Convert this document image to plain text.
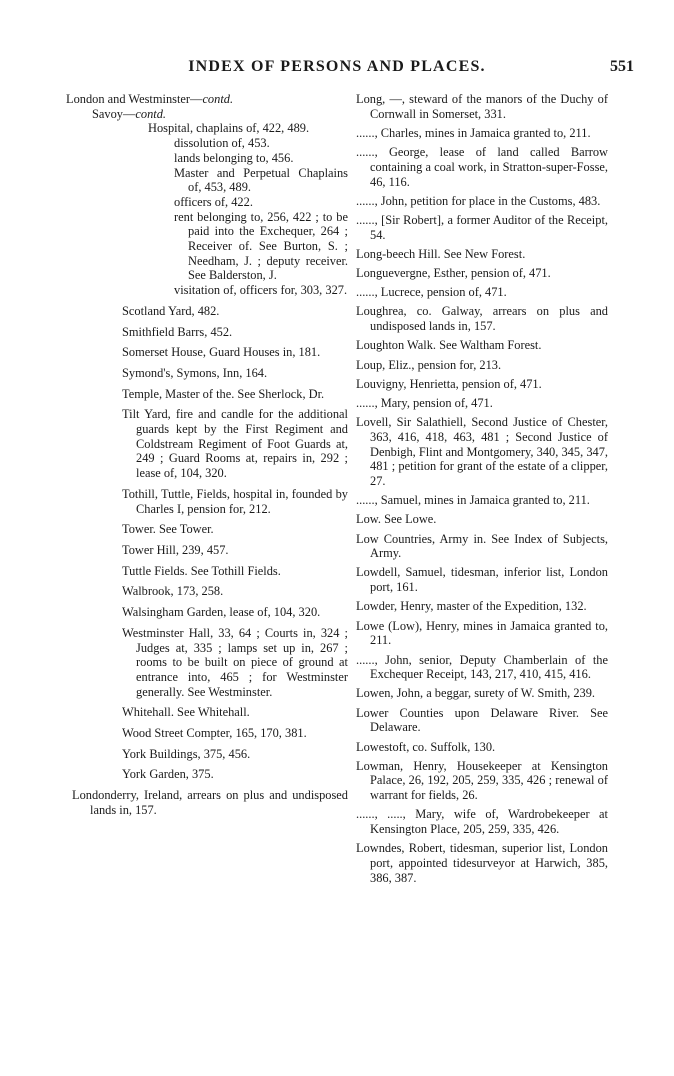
INDEX OF PERSONS AND PLACES.	551
London and Westminster—contd.
Savoy—contd.
Hospital, chaplains of, 422, 489.
dissolution of, 453.
lands belonging to, 456.
Master and Perpetual Chaplains of, 453, 489.
officers of, 422.
rent belonging to, 256, 422 ; to be paid into the Exchequer, 264 ; Receiver of. See Burton, S. ; Needham, J. ; deputy receiver. See Balderston, J.
visitation of, officers for, 303, 327.
Scotland Yard, 482.
Smithfield Barrs, 452.
Somerset House, Guard Houses in, 181.
Symond's, Symons, Inn, 164.
Temple, Master of the. See Sherlock, Dr.
Tilt Yard, fire and candle for the additional guards kept by the First Regiment and Coldstream Regiment of Foot Guards at, 249 ; Guard Rooms at, repairs in, 292 ; lease of, 104, 320.
Tothill, Tuttle, Fields, hospital in, founded by Charles I, pension for, 212.
Tower. See Tower.
Tower Hill, 239, 457.
Tuttle Fields. See Tothill Fields.
Walbrook, 173, 258.
Walsingham Garden, lease of, 104, 320.
Westminster Hall, 33, 64 ; Courts in, 324 ; Judges at, 335 ; lamps set up in, 267 ; rooms to be built on piece of ground at entrance into, 465 ; for Westminster generally. See Westminster.
Whitehall. See Whitehall.
Wood Street Compter, 165, 170, 381.
York Buildings, 375, 456.
York Garden, 375.
Londonderry, Ireland, arrears on plus and undisposed lands in, 157.
Long, —, steward of the manors of the Duchy of Cornwall in Somerset, 331.
......, Charles, mines in Jamaica granted to, 211.
......, George, lease of land called Barrow containing a coal work, in Stratton-super-Fosse, 46, 116.
......, John, petition for place in the Customs, 483.
......, [Sir Robert], a former Auditor of the Receipt, 54.
Long-beech Hill. See New Forest.
Longuevergne, Esther, pension of, 471.
......, Lucrece, pension of, 471.
Loughrea, co. Galway, arrears on plus and undisposed lands in, 157.
Loughton Walk. See Waltham Forest.
Loup, Eliz., pension for, 213.
Louvigny, Henrietta, pension of, 471.
......, Mary, pension of, 471.
Lovell, Sir Salathiell, Second Justice of Chester, 363, 416, 418, 463, 481 ; Second Justice of Denbigh, Flint and Montgomery, 340, 345, 347, 481 ; petition for grant of the estate of a clipper, 27.
......, Samuel, mines in Jamaica granted to, 211.
Low. See Lowe.
Low Countries, Army in. See Index of Subjects, Army.
Lowdell, Samuel, tidesman, inferior list, London port, 161.
Lowder, Henry, master of the Expedition, 132.
Lowe (Low), Henry, mines in Jamaica granted to, 211.
......, John, senior, Deputy Chamberlain of the Exchequer Receipt, 143, 217, 410, 415, 416.
Lowen, John, a beggar, surety of W. Smith, 239.
Lower Counties upon Delaware River. See Delaware.
Lowestoft, co. Suffolk, 130.
Lowman, Henry, Housekeeper at Kensington Palace, 26, 192, 205, 259, 335, 426 ; renewal of warrant for fields, 26.
......, ....., Mary, wife of, Wardrobekeeper at Kensington Place, 205, 259, 335, 426.
Lowndes, Robert, tidesman, superior list, London port, appointed tidesurveyor at Harwich, 385, 386, 387.
